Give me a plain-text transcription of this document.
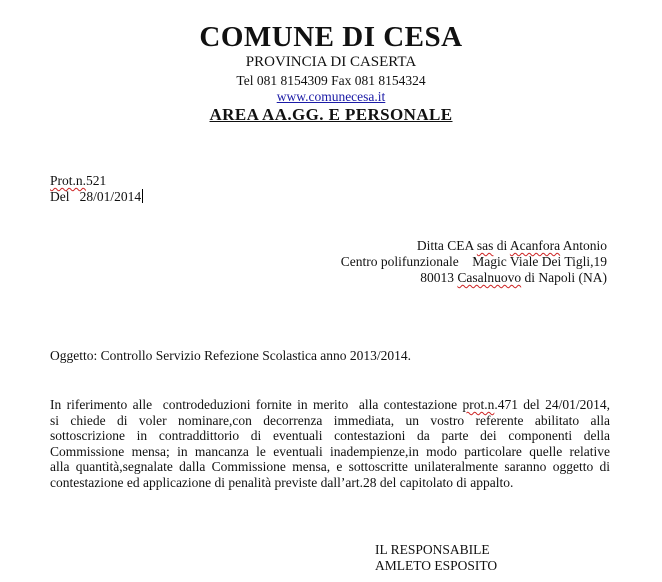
COMUNE DI CESA
PROVINCIA DI CASERTA
Tel 081 8154309 Fax 081 8154324
www.comunecesa.it
AREA AA.GG. E PERSONALE
Prot.n.521
Del 28/01/2014
Ditta CEA sas di Acanfora Antonio
Centro polifunzionale    Magic Viale Dei Tigli,19
80013 Casalnuovo di Napoli (NA)
Oggetto: Controllo Servizio Refezione Scolastica anno 2013/2014.
In riferimento alle  controdeduzioni fornite in merito  alla contestazione prot.n.471 del 24/01/2014,
si chiede di voler nominare,con decorrenza immediata, un vostro referente abilitato alla
sottoscrizione in contraddittorio di eventuali contestazioni da parte dei componenti della
Commissione mensa; in mancanza le eventuali inadempienze,in modo particolare quelle relative
alla quantità,segnalate dalla Commissione mensa, e sottoscritte unilateralmente saranno oggetto di
contestazione ed applicazione di penalità previste dall’art.28 del capitolato di appalto.
IL RESPONSABILE
AMLETO ESPOSITO
